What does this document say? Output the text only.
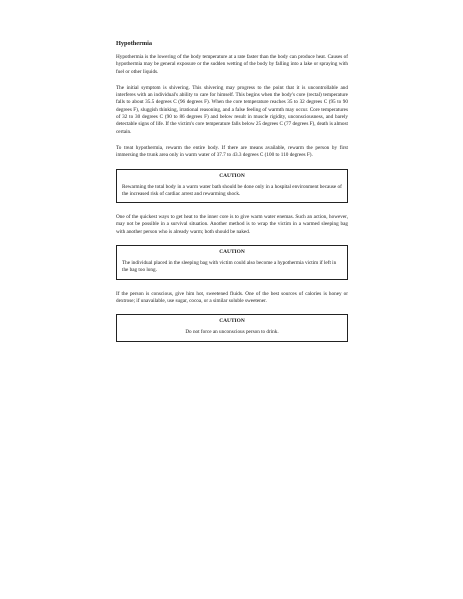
Hypothermia

Hypothermia is the lowering of the body temperature at a rate faster than the body can produce heat. Causes of hypothermia may be general exposure or the sudden wetting of the body by falling into a lake or spraying with fuel or other liquids.

The initial symptom is shivering. This shivering may progress to the point that it is uncontrollable and interferes with an individual's ability to care for himself. This begins when the body's core (rectal) temperature falls to about 35.5 degrees C (96 degrees F). When the core temperature reaches 35 to 32 degrees C (95 to 90 degrees F), sluggish thinking, irrational reasoning, and a false feeling of warmth may occur. Core temperatures of 32 to 30 degrees C (90 to 86 degrees F) and below result in muscle rigidity, unconsciousness, and barely detectable signs of life. If the victim's core temperature falls below 25 degrees C (77 degrees F), death is almost certain.

To treat hypothermia, rewarm the entire body. If there are means available, rewarm the person by first immersing the trunk area only in warm water of 37.7 to 43.3 degrees C (100 to 110 degrees F).

CAUTION
Rewarming the total body in a warm water bath should be done only in a hospital environment because of the increased risk of cardiac arrest and rewarming shock.

One of the quickest ways to get heat to the inner core is to give warm water enemas. Such an action, however, may not be possible in a survival situation. Another method is to wrap the victim in a warmed sleeping bag with another person who is already warm; both should be naked.

CAUTION
The individual placed in the sleeping bag with victim could also become a hypothermia victim if left in the bag too long.

If the person is conscious, give him hot, sweetened fluids. One of the best sources of calories is honey or dextrose; if unavailable, use sugar, cocoa, or a similar soluble sweetener.

CAUTION
Do not force an unconscious person to drink.
